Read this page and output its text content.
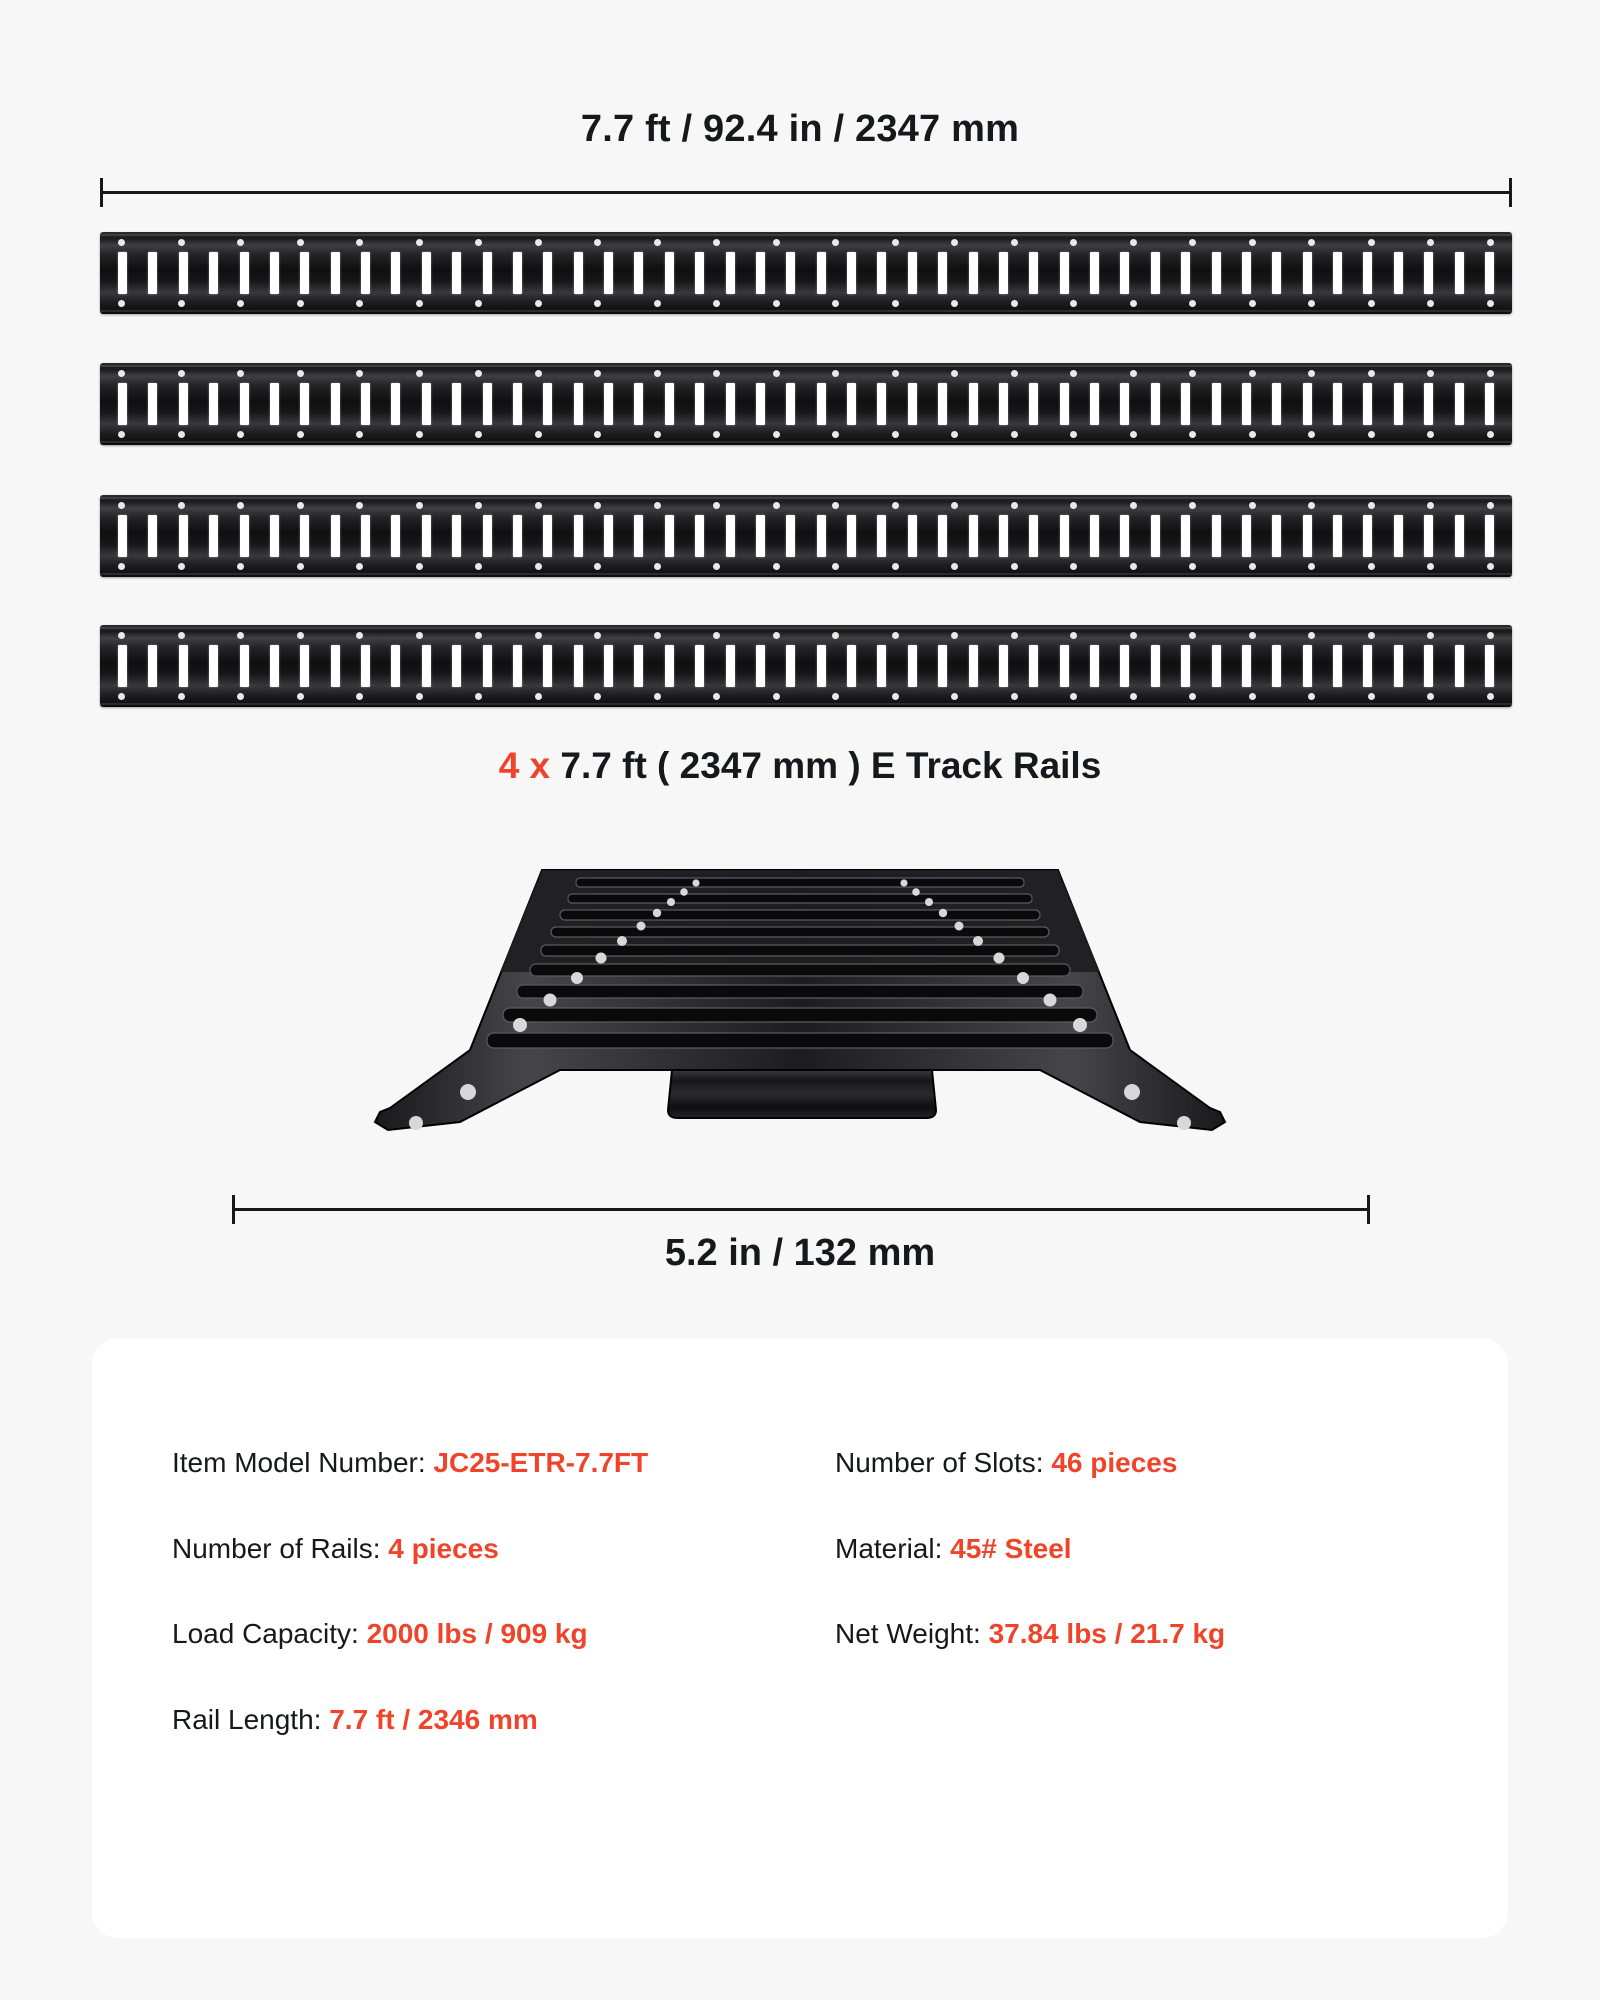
7.7 ft / 92.4 in / 2347 mm
4 x 7.7 ft ( 2347 mm ) E Track Rails
5.2 in / 132 mm
Item Model Number: JC25-ETR-7.7FT	Number of Slots: 46 pieces
Number of Rails: 4 pieces	Material: 45# Steel
Load Capacity: 2000 lbs / 909 kg	Net Weight: 37.84 lbs / 21.7 kg
Rail Length: 7.7 ft / 2346 mm
